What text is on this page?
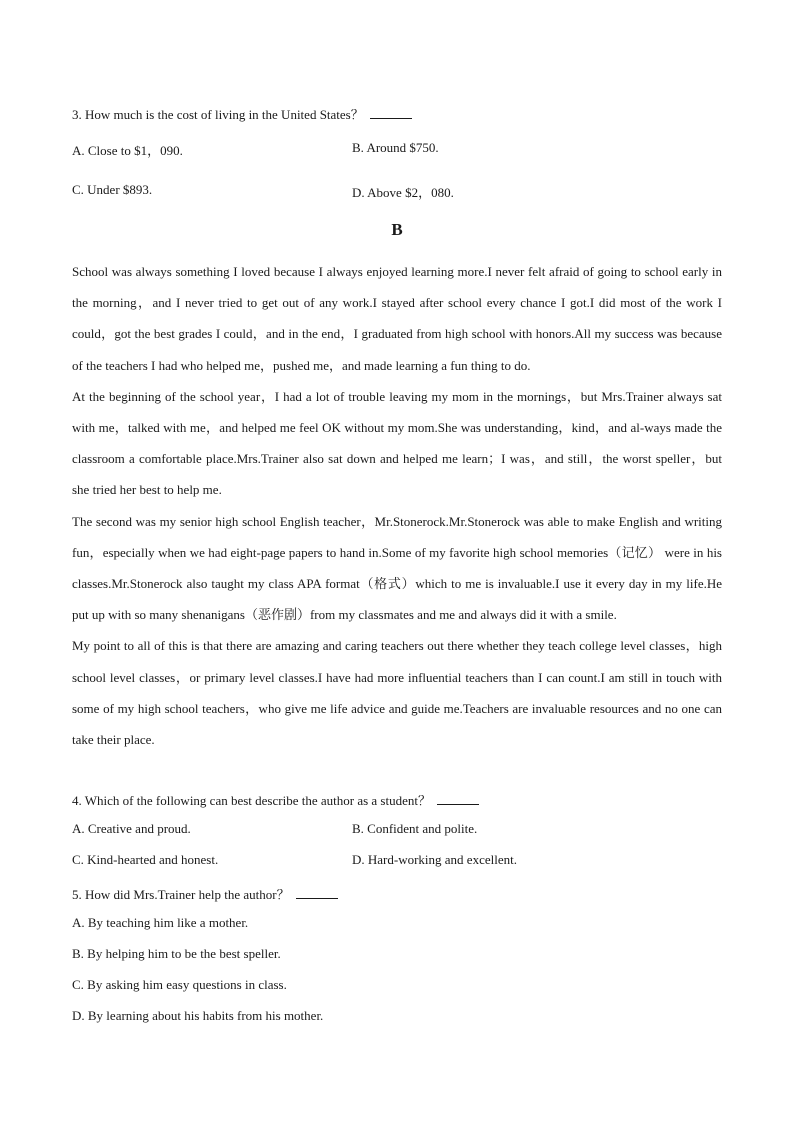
3. How much is the cost of living in the United States？
A. Close to $1，090.	B. Around $750.
C. Under $893.	D. Above $2，080.
B

School was always something I loved because I always enjoyed learning more.I never felt afraid of going to school early in the morning，and I never tried to get out of any work.I stayed after school every chance I got.I did most of the work I could，got the best grades I could，and in the end，I graduated from high school with honors.All my success was because of the teachers I had who helped me，pushed me，and made learning a fun thing to do.

At the beginning of the school year，I had a lot of trouble leaving my mom in the mornings，but Mrs.Trainer always sat with me，talked with me，and helped me feel OK without my mom.She was understanding，kind，and al-ways made the classroom a comfortable place.Mrs.Trainer also sat down and helped me learn；I was，and still，the worst speller，but she tried her best to help me.

The second was my senior high school English teacher，Mr.Stonerock.Mr.Stonerock was able to make English and writing fun，especially when we had eight-page papers to hand in.Some of my favorite high school memories（记忆） were in his classes.Mr.Stonerock also taught my class APA format（格式）which to me is invaluable.I use it every day in my life.He put up with so many shenanigans（恶作剧）from my classmates and me and always did it with a smile.

My point to all of this is that there are amazing and caring teachers out there whether they teach college level classes，high school level classes，or primary level classes.I have had more influential teachers than I can count.I am still in touch with some of my high school teachers，who give me life advice and guide me.Teachers are invaluable resources and no one can take their place.

4. Which of the following can best describe the author as a student？
A. Creative and proud.	B. Confident and polite.
C. Kind-hearted and honest.	D. Hard-working and excellent.
5. How did Mrs.Trainer help the author？
A. By teaching him like a mother.
B. By helping him to be the best speller.
C. By asking him easy questions in class.
D. By learning about his habits from his mother.
